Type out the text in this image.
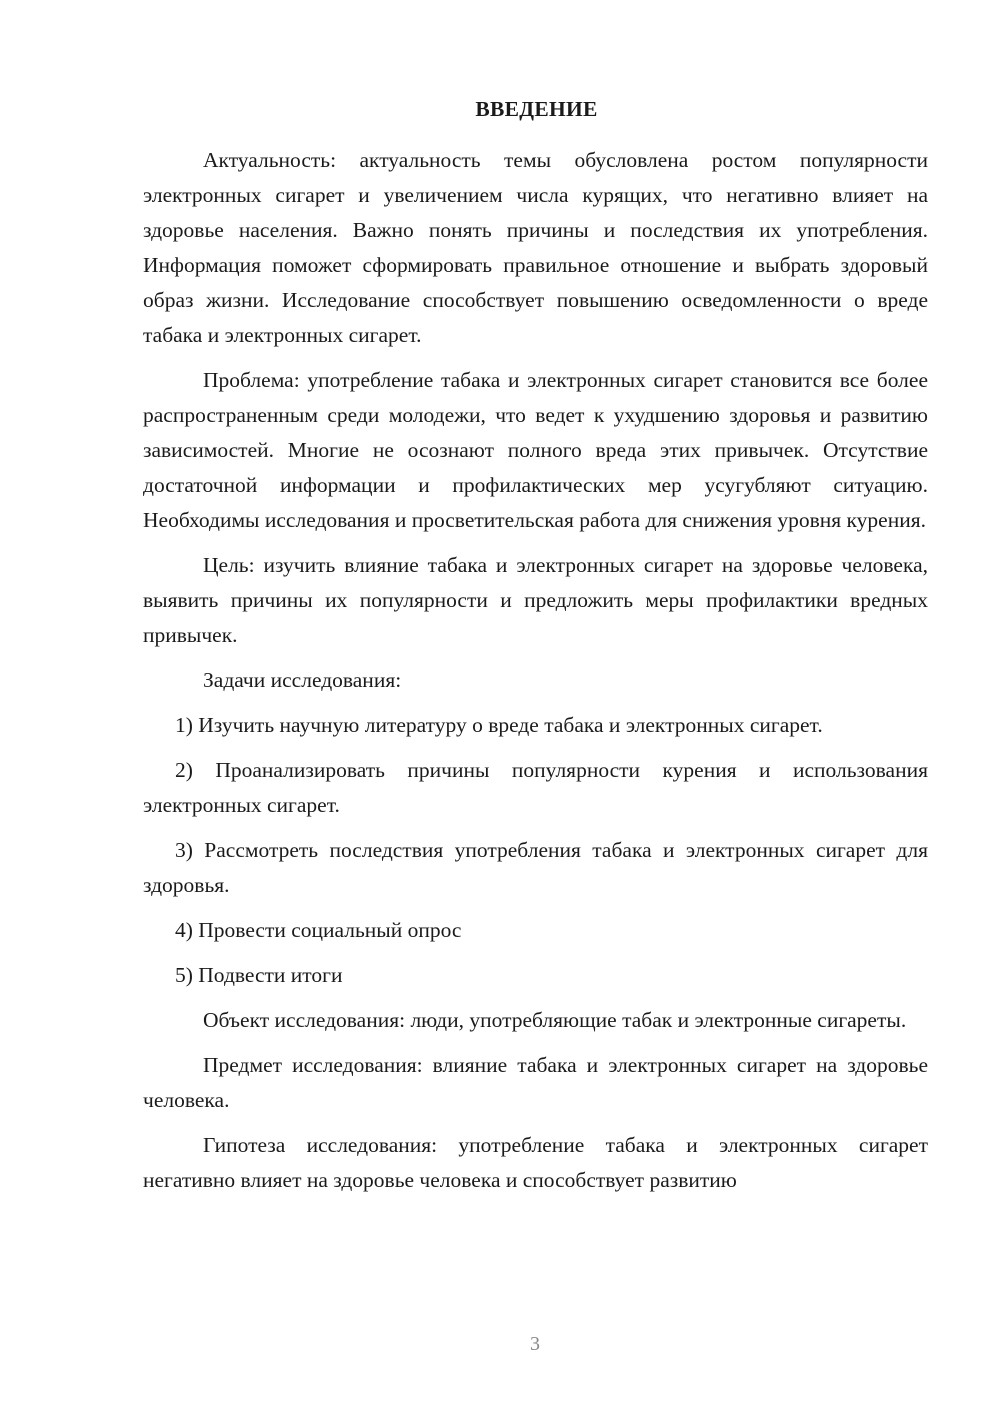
ВВЕДЕНИЕ

Актуальность: актуальность темы обусловлена ростом популярности электронных сигарет и увеличением числа курящих, что негативно влияет на здоровье населения. Важно понять причины и последствия их употребления. Информация поможет сформировать правильное отношение и выбрать здоровый образ жизни. Исследование способствует повышению осведомленности о вреде табака и электронных сигарет.

Проблема: употребление табака и электронных сигарет становится все более распространенным среди молодежи, что ведет к ухудшению здоровья и развитию зависимостей. Многие не осознают полного вреда этих привычек. Отсутствие достаточной информации и профилактических мер усугубляют ситуацию. Необходимы исследования и просветительская работа для снижения уровня курения.

Цель: изучить влияние табака и электронных сигарет на здоровье человека, выявить причины их популярности и предложить меры профилактики вредных привычек.

Задачи исследования:

1) Изучить научную литературу о вреде табака и электронных сигарет.

2) Проанализировать причины популярности курения и использования электронных сигарет.

3) Рассмотреть последствия употребления табака и электронных сигарет для здоровья.

4) Провести социальный опрос

5) Подвести итоги

Объект исследования: люди, употребляющие табак и электронные сигареты.

Предмет исследования: влияние табака и электронных сигарет на здоровье человека.

Гипотеза исследования: употребление табака и электронных сигарет негативно влияет на здоровье человека и способствует развитию

3
